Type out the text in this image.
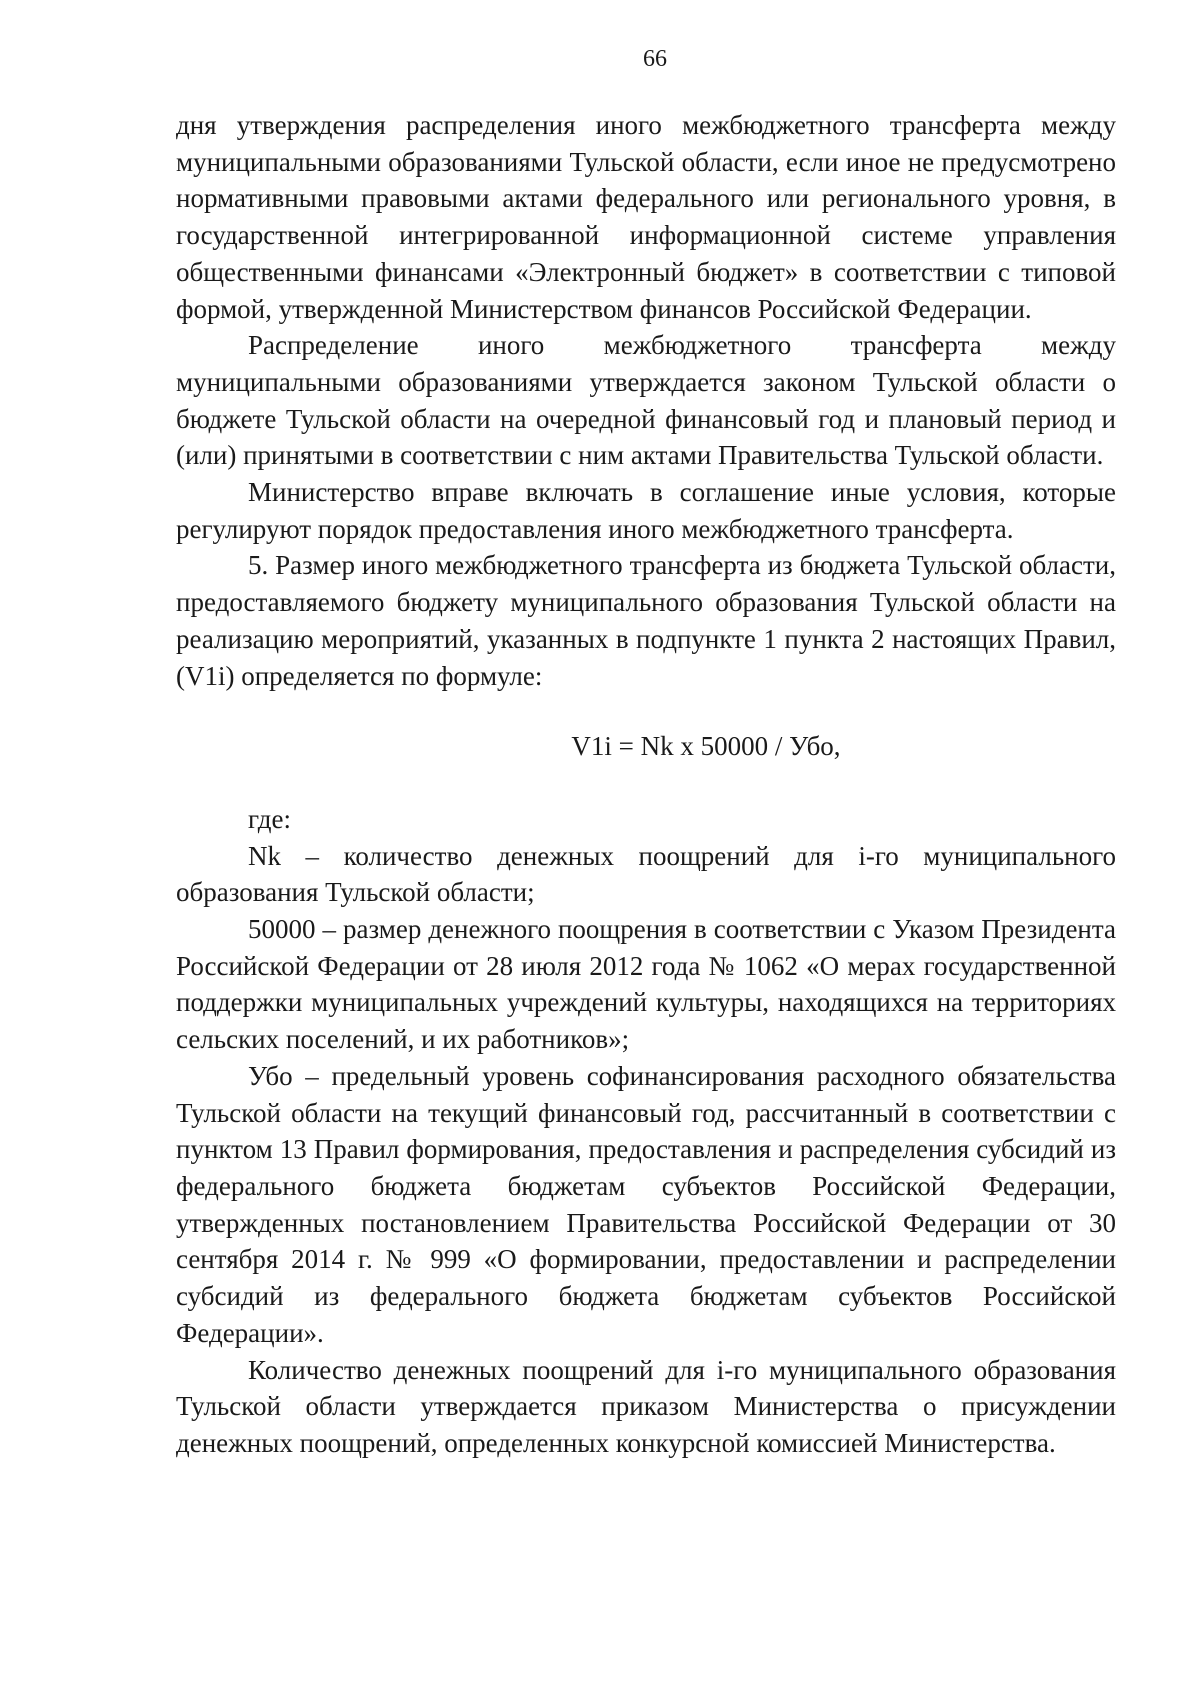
66

дня утверждения распределения иного межбюджетного трансферта между муниципальными образованиями Тульской области, если иное не предусмотрено нормативными правовыми актами федерального или регионального уровня, в государственной интегрированной информационной системе управления общественными финансами «Электронный бюджет» в соответствии с типовой формой, утвержденной Министерством финансов Российской Федерации.

Распределение иного межбюджетного трансферта между муниципальными образованиями утверждается законом Тульской области о бюджете Тульской области на очередной финансовый год и плановый период и (или) принятыми в соответствии с ним актами Правительства Тульской области.

Министерство вправе включать в соглашение иные условия, которые регулируют порядок предоставления иного межбюджетного трансферта.

5. Размер иного межбюджетного трансферта из бюджета Тульской области, предоставляемого бюджету муниципального образования Тульской области на реализацию мероприятий, указанных в подпункте 1 пункта 2 настоящих Правил, (V1i) определяется по формуле:

V1i = Nk x 50000 / Убо,

где:

Nk – количество денежных поощрений для i-го муниципального образования Тульской области;

50000 – размер денежного поощрения в соответствии с Указом Президента Российской Федерации от 28 июля 2012 года № 1062 «О мерах государственной поддержки муниципальных учреждений культуры, находящихся на территориях сельских поселений, и их работников»;

Убо – предельный уровень софинансирования расходного обязательства Тульской области на текущий финансовый год, рассчитанный в соответствии с пунктом 13 Правил формирования, предоставления и распределения субсидий из федерального бюджета бюджетам субъектов Российской Федерации, утвержденных постановлением Правительства Российской Федерации от 30 сентября 2014 г. № 999 «О формировании, предоставлении и распределении субсидий из федерального бюджета бюджетам субъектов Российской Федерации».

Количество денежных поощрений для i-го муниципального образования Тульской области утверждается приказом Министерства о присуждении денежных поощрений, определенных конкурсной комиссией Министерства.
